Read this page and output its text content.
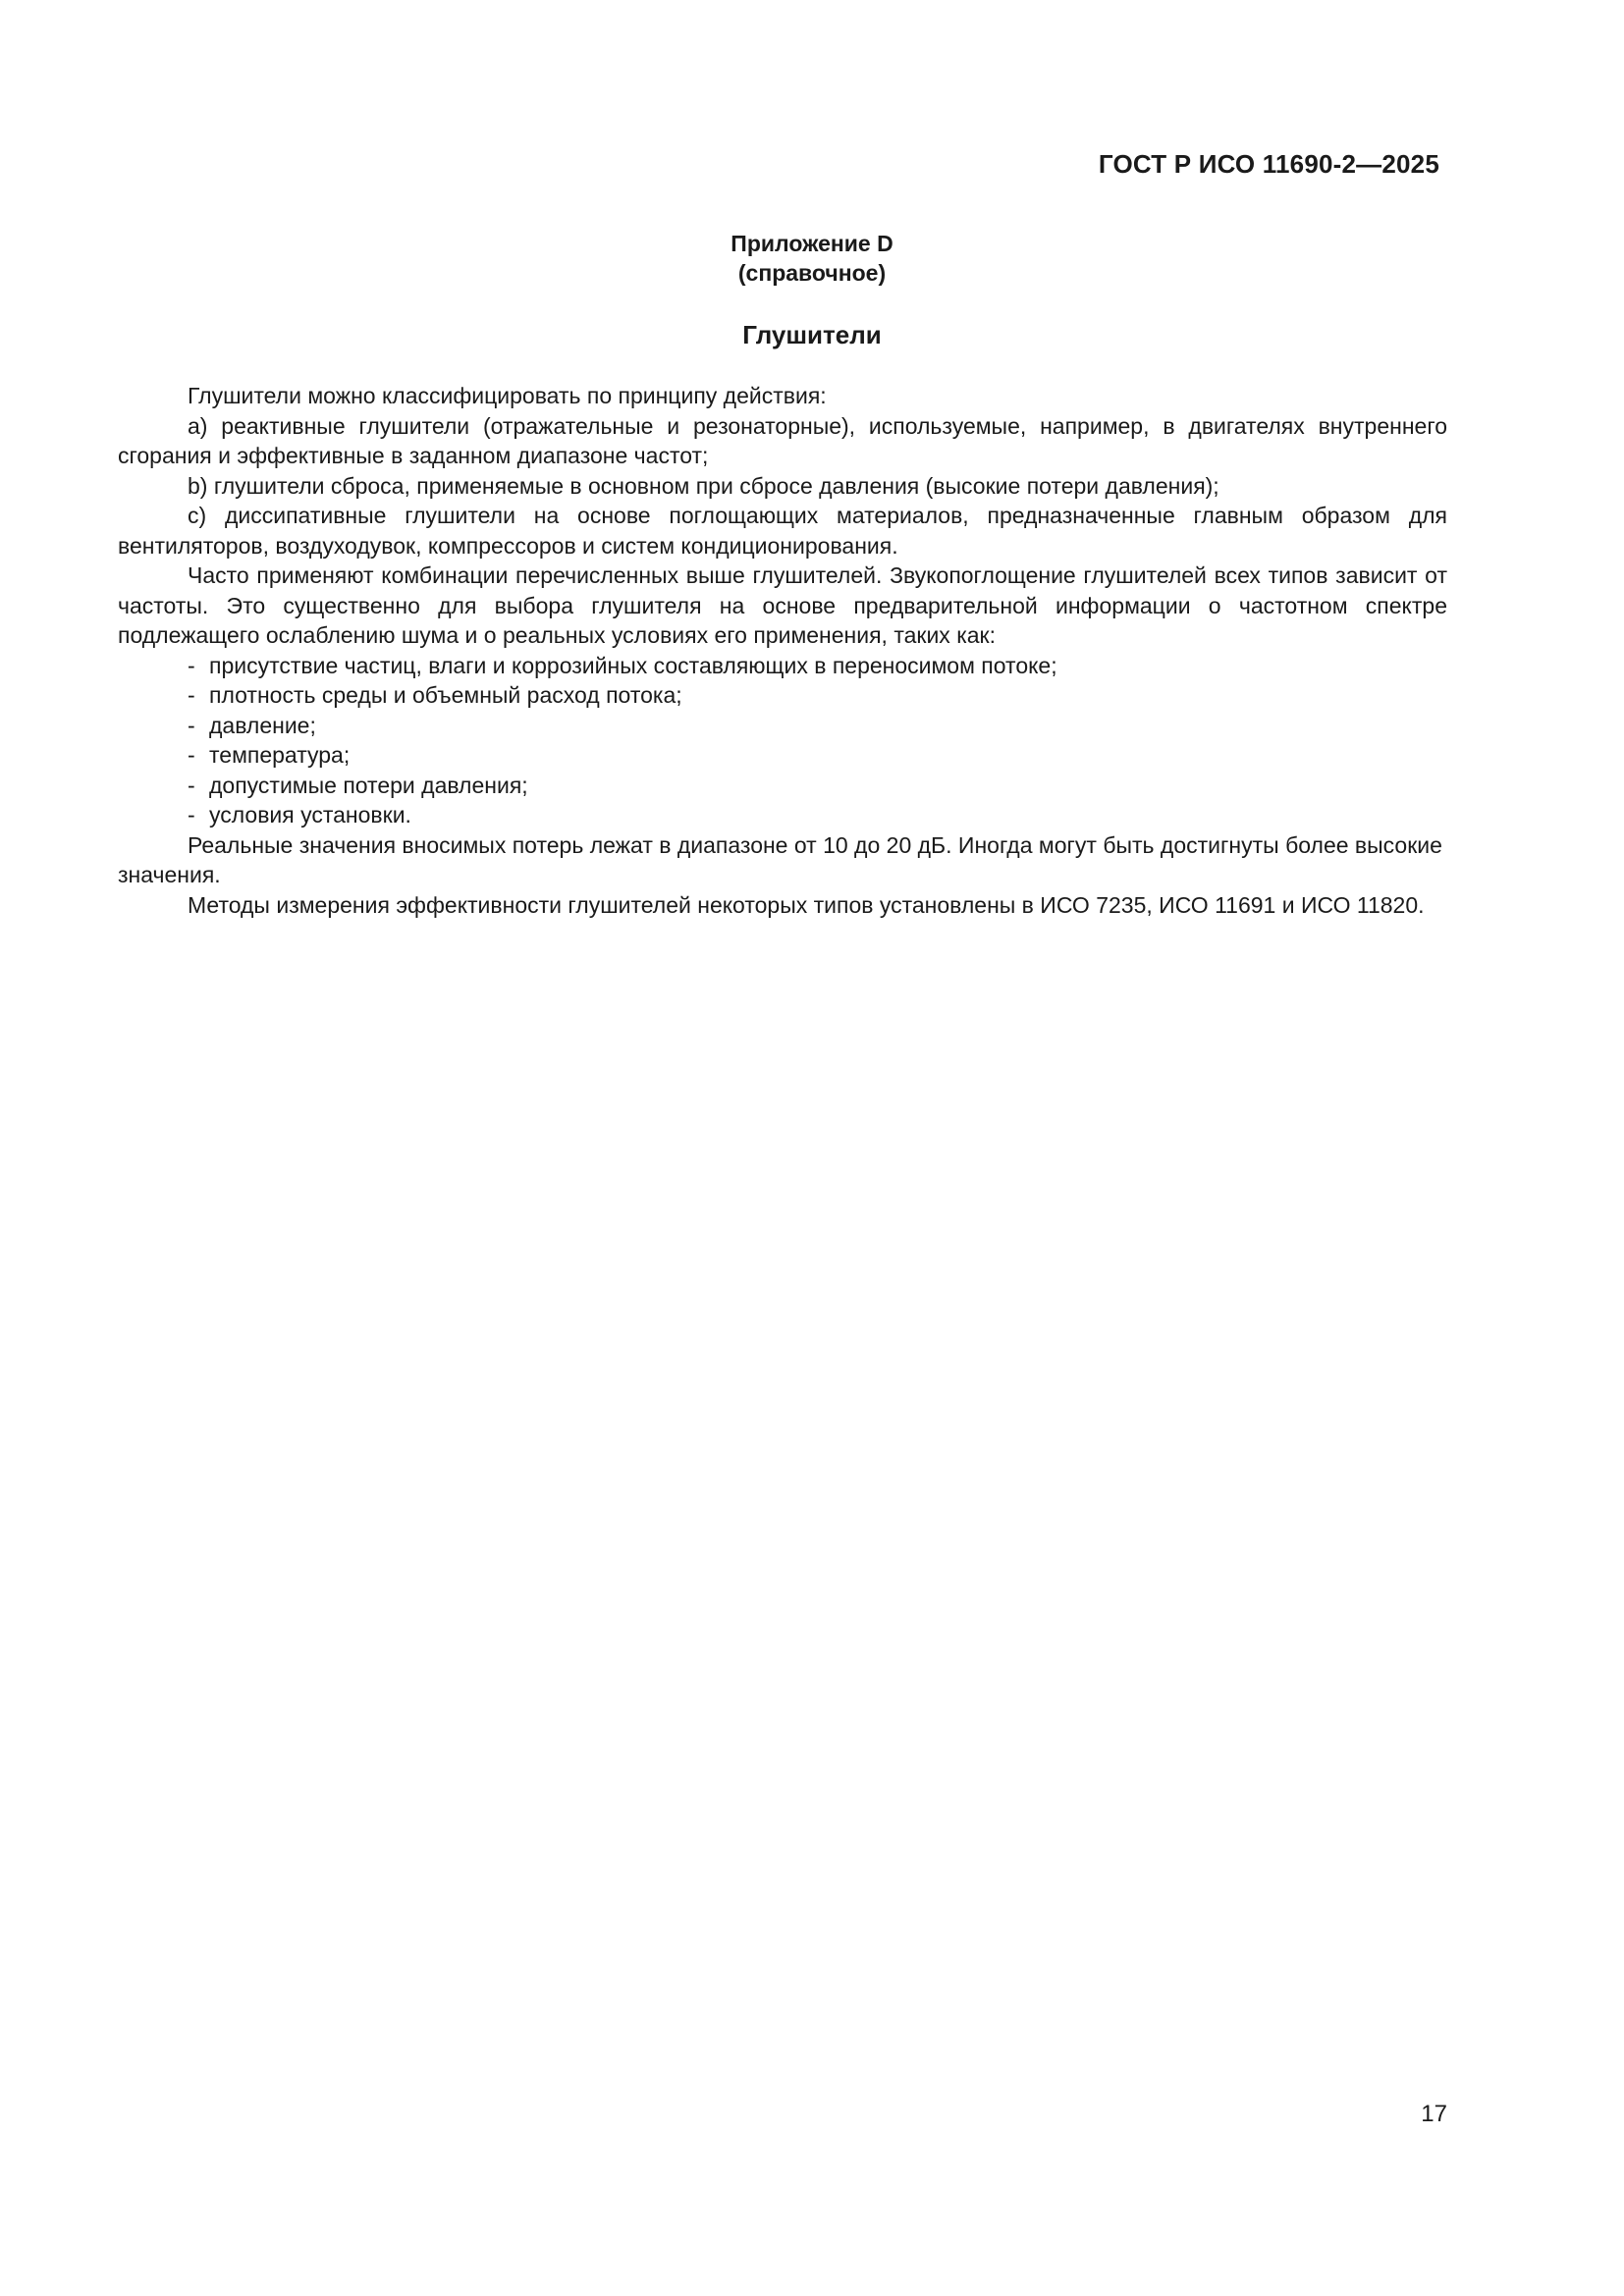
ГОСТ Р ИСО 11690-2—2025
Приложение D
(справочное)
Глушители

Глушители можно классифицировать по принципу действия:

a) реактивные глушители (отражательные и резонаторные), используемые, например, в двигателях внутреннего сгорания и эффективные в заданном диапазоне частот;

b) глушители сброса, применяемые в основном при сбросе давления (высокие потери давления);

c) диссипативные глушители на основе поглощающих материалов, предназначенные главным образом для вентиляторов, воздуходувок, компрессоров и систем кондиционирования.

Часто применяют комбинации перечисленных выше глушителей. Звукопоглощение глушителей всех типов зависит от частоты. Это существенно для выбора глушителя на основе предварительной информации о частотном спектре подлежащего ослаблению шума и о реальных условиях его применения, таких как:

- присутствие частиц, влаги и коррозийных составляющих в переносимом потоке;

- плотность среды и объемный расход потока;

- давление;

- температура;

- допустимые потери давления;

- условия установки.

Реальные значения вносимых потерь лежат в диапазоне от 10 до 20 дБ. Иногда могут быть достигнуты более высокие значения.

Методы измерения эффективности глушителей некоторых типов установлены в ИСО 7235, ИСО 11691 и ИСО 11820.

17
